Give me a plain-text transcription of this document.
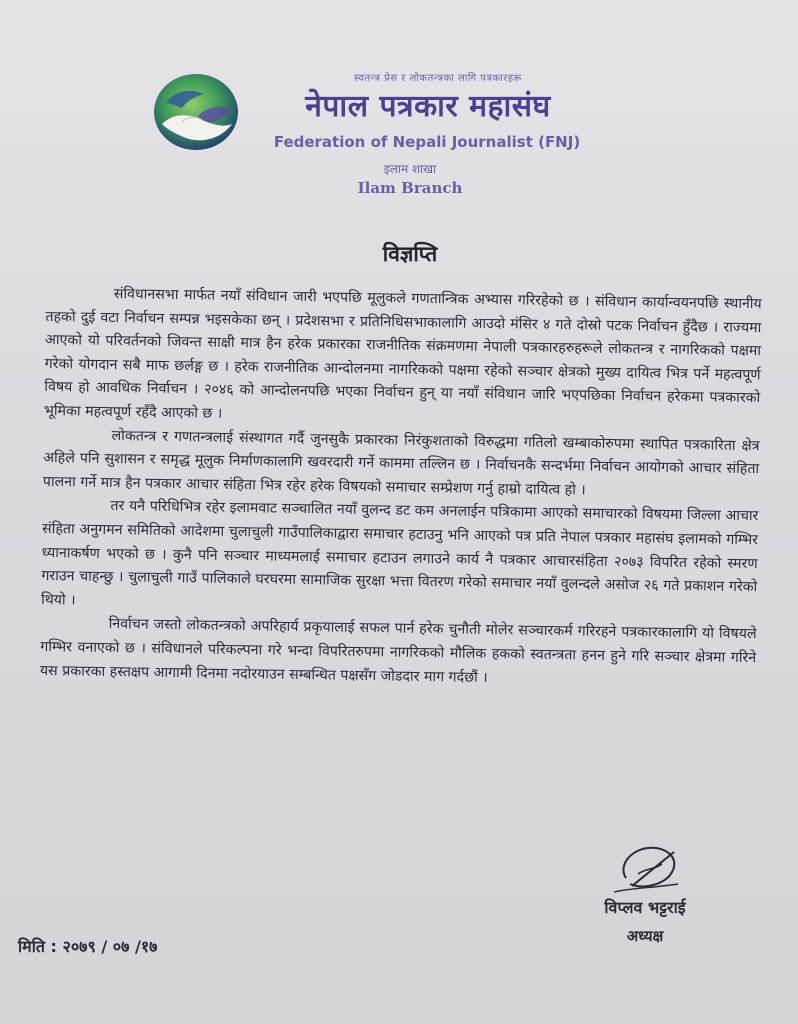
स्वतन्त्र प्रेस र लोकतन्त्रका लागि पत्रकारहरू
नेपाल पत्रकार महासंघ
Federation of Nepali Journalist (FNJ)
इलाम शाखा
Ilam Branch
विज्ञप्ति

संविधानसभा मार्फत नयाँ संविधान जारी भएपछि मूलुकले गणतान्त्रिक अभ्यास गरिरहेको छ । संविधान कार्यान्वयनपछि स्थानीय तहको दुई वटा निर्वाचन सम्पन्न भइसकेका छन् । प्रदेशसभा र प्रतिनिधिसभाकालागि आउदो मंसिर ४ गते दोस्रो पटक निर्वाचन हुँदैछ । राज्यमा आएको यो परिवर्तनको जिवन्त साक्षी मात्र हैन हरेक प्रकारका राजनीतिक संक्रमणमा नेपाली पत्रकारहरुहरूले लोकतन्त्र र नागरिकको पक्षमा गरेको योगदान सबै माफ छर्लङ्ग छ । हरेक राजनीतिक आन्दोलनमा नागरिकको पक्षमा रहेको सञ्चार क्षेत्रको मुख्य दायित्व भित्र पर्ने महत्वपूर्ण विषय हो आवधिक निर्वाचन । २०४६ को आन्दोलनपछि भएका निर्वाचन हुन् या नयाँ संविधान जारि भएपछिका निर्वाचन हरेकमा पत्रकारको भूमिका महत्वपूर्ण रहँदै आएको छ ।

लोकतन्त्र र गणतन्त्रलाई संस्थागत गर्दै जुनसुकै प्रकारका निरंकुशताको विरुद्धमा गतिलो खम्बाकोरुपमा स्थापित पत्रकारिता क्षेत्र अहिले पनि सुशासन र समृद्ध मूलुक निर्माणकालागि खवरदारी गर्ने काममा तल्लिन छ । निर्वाचनकै सन्दर्भमा निर्वाचन आयोगको आचार संहिता पालना गर्ने मात्र हैन पत्रकार आचार संहिता भित्र रहेर हरेक विषयको समाचार सम्प्रेशण गर्नु हाम्रो दायित्व हो ।

तर यनै परिधिभित्र रहेर इलामवाट सञ्चालित नयाँ वुलन्द डट कम अनलाईन पत्रिकामा आएको समाचारको विषयमा जिल्ला आचार संहिता अनुगमन समितिको आदेशमा चुलाचुली गाउँपालिकाद्वारा समाचार हटाउनु भनि आएको पत्र प्रति नेपाल पत्रकार महासंघ इलामको गम्भिर ध्यानाकर्षण भएको छ । कुनै पनि सञ्चार माध्यमलाई समाचार हटाउन लगाउने कार्य नै पत्रकार आचारसंहिता २०७३ विपरित रहेको स्मरण गराउन चाहन्छु । चुलाचुली गाउँ पालिकाले घरघरमा सामाजिक सुरक्षा भत्ता वितरण गरेको समाचार नयाँ वुलन्दले असोज २६ गते प्रकाशन गरेको थियो ।

निर्वाचन जस्तो लोकतन्त्रको अपरिहार्य प्रकृयालाई सफल पार्न हरेक चुनौती मोलेर सञ्चारकर्म गरिरहने पत्रकारकालागि यो विषयले गम्भिर वनाएको छ । संविधानले परिकल्पना गरे भन्दा विपरितरुपमा नागरिकको मौलिक हकको स्वतन्त्रता हनन हुने गरि सञ्चार क्षेत्रमा गरिने यस प्रकारका हस्तक्षप आगामी दिनमा नदोरयाउन सम्बन्धित पक्षसँग जोडदार माग गर्दछौं ।

विप्लव भट्टराई
अध्यक्ष
मिति : २०७९ / ०७ /१७
